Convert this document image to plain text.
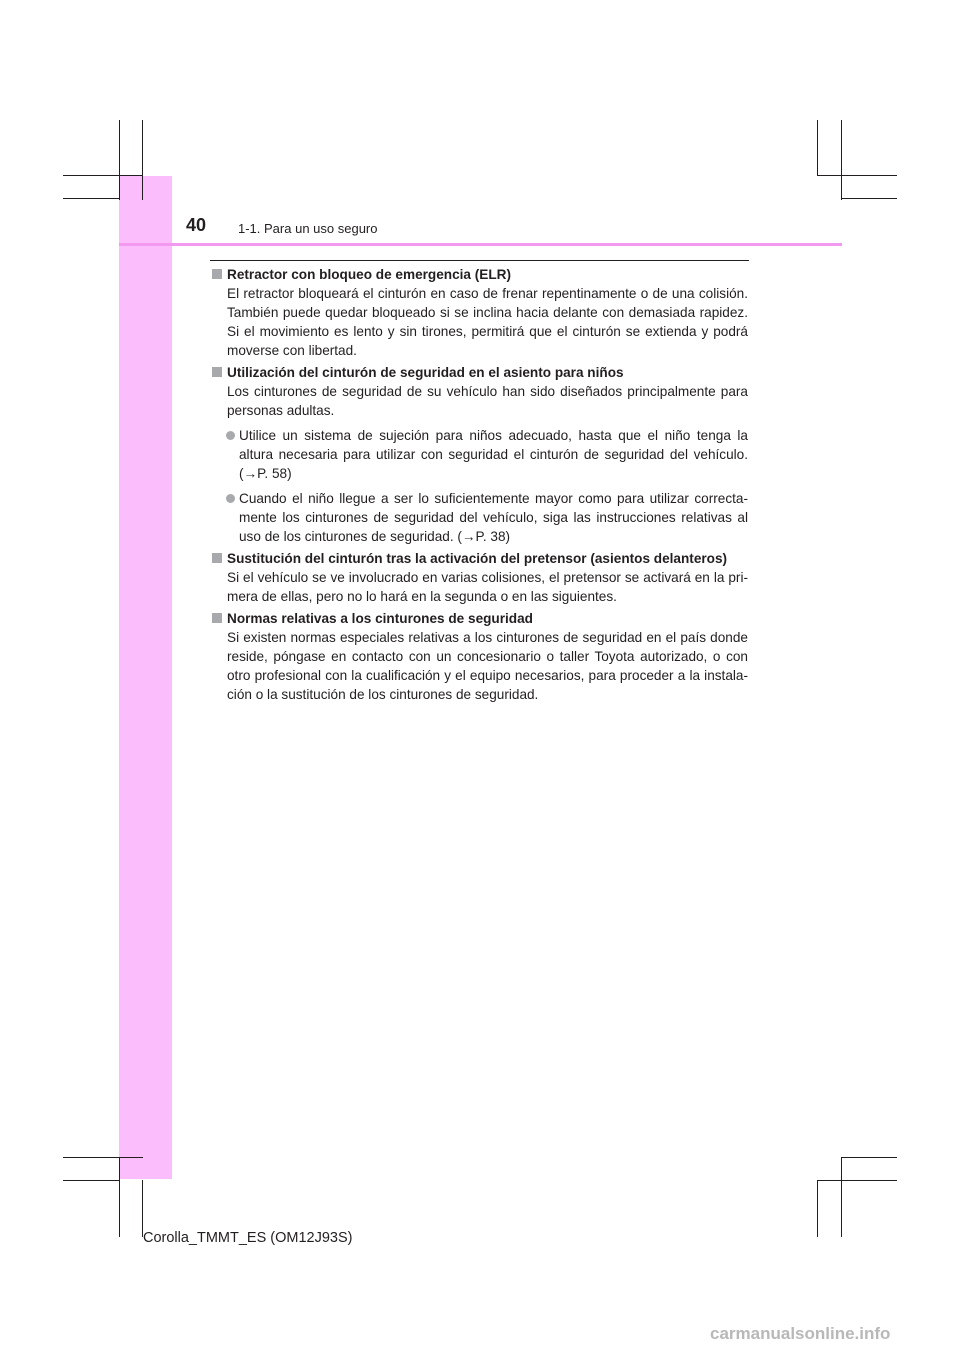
40 1-1. Para un uso seguro
Retractor con bloqueo de emergencia (ELR)
El retractor bloqueará el cinturón en caso de frenar repentinamente o de una colisión. También puede quedar bloqueado si se inclina hacia delante con demasiada rapidez. Si el movimiento es lento y sin tirones, permitirá que el cinturón se extienda y podrá moverse con libertad.
Utilización del cinturón de seguridad en el asiento para niños
Los cinturones de seguridad de su vehículo han sido diseñados principalmente para personas adultas.
Utilice un sistema de sujeción para niños adecuado, hasta que el niño tenga la altura necesaria para utilizar con seguridad el cinturón de seguridad del vehículo. (→P. 58)
Cuando el niño llegue a ser lo suficientemente mayor como para utilizar correcta-mente los cinturones de seguridad del vehículo, siga las instrucciones relativas al uso de los cinturones de seguridad. (→P. 38)
Sustitución del cinturón tras la activación del pretensor (asientos delanteros)
Si el vehículo se ve involucrado en varias colisiones, el pretensor se activará en la pri-mera de ellas, pero no lo hará en la segunda o en las siguientes.
Normas relativas a los cinturones de seguridad
Si existen normas especiales relativas a los cinturones de seguridad en el país donde reside, póngase en contacto con un concesionario o taller Toyota autorizado, o con otro profesional con la cualificación y el equipo necesarios, para proceder a la instala-ción o la sustitución de los cinturones de seguridad.
Corolla_TMMT_ES (OM12J93S)
carmanualsonline.info
